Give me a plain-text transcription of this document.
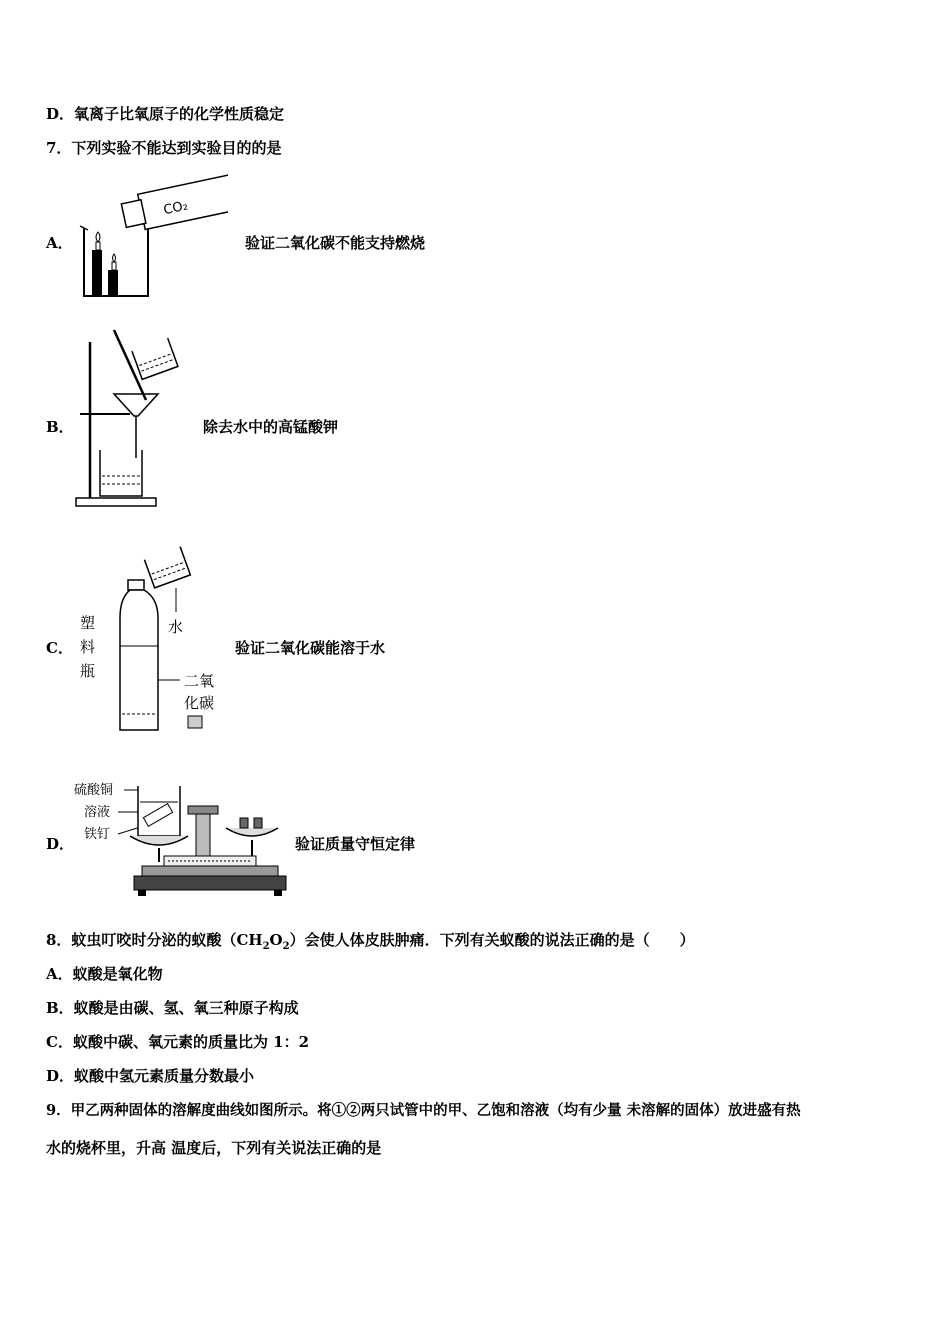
D．氧离子比氧原子的化学性质稳定
7．下列实验不能达到实验目的的是
A．
CO₂
验证二氧化碳不能支持燃烧
B．	除去水中的高锰酸钾
C．
塑
料
瓶
水
二氧
化碳
验证二氧化碳能溶于水
D．
硫酸铜
溶液
铁钉
验证质量守恒定律
8．蚊虫叮咬时分泌的蚁酸$(CH_2O_2)$会使人体皮肤肿痛．下列有关蚁酸的说法正确的是（　　）
A．蚁酸是氧化物
B．蚁酸是由碳、氢、氧三种原子构成
C．蚁酸中碳、氧元素的质量比为 1：2
D．蚁酸中氢元素质量分数最小
9．甲乙两种固体的溶解度曲线如图所示。将①②两只试管中的甲、乙饱和溶液（均有少量 未溶解的固体）放进盛有热
水的烧杯里，升高 温度后，下列有关说法正确的是
